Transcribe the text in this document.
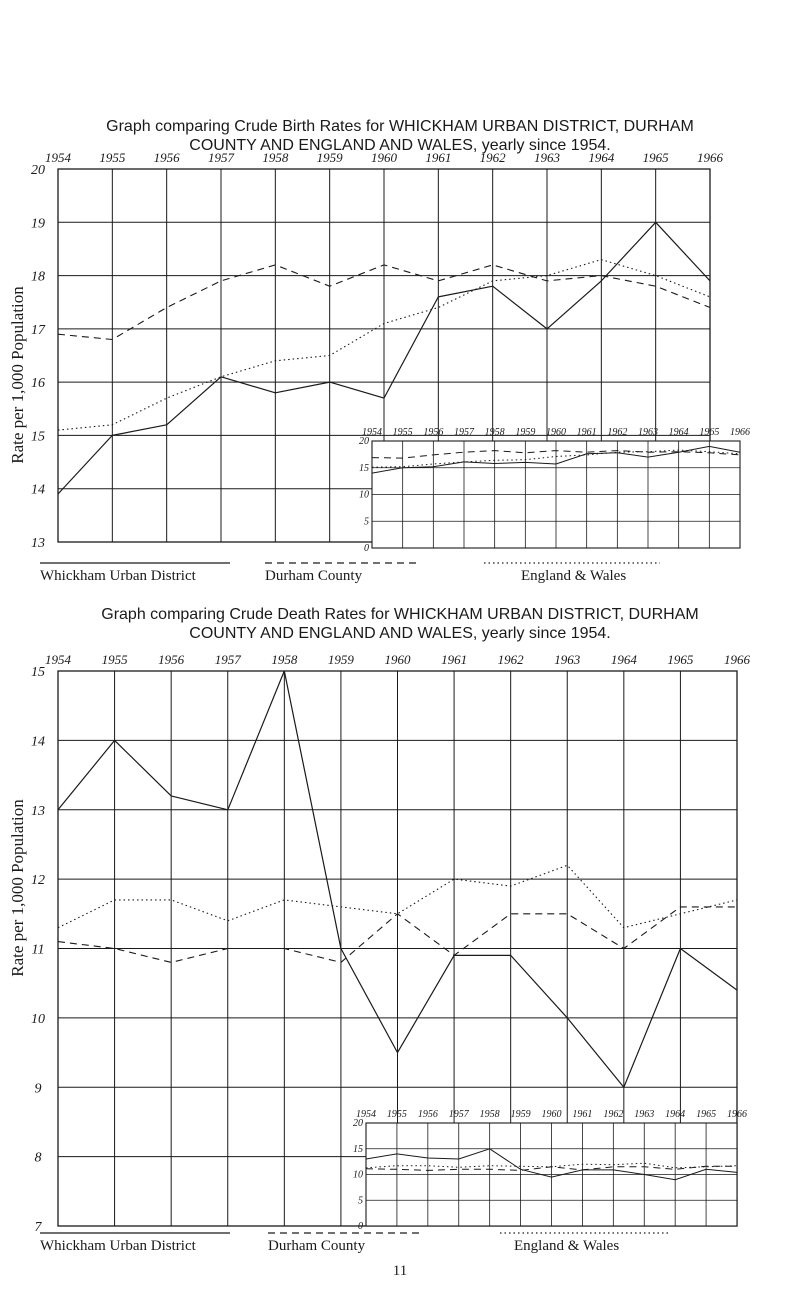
Graph comparing Crude Birth Rates for WHICKHAM URBAN DISTRICT, DURHAM
COUNTY AND ENGLAND AND WALES, yearly since 1954.
Rate per 1,000 Population
Graph comparing Crude Death Rates for WHICKHAM URBAN DISTRICT, DURHAM
COUNTY AND ENGLAND AND WALES, yearly since 1954.
Rate per 1,000 Population
Whickham Urban District	Durham County	England & Wales
Whickham Urban District	Durham County	England & Wales
11
1954 1955 1956 1957 1958 1959 1960 1961 1962 1963 1964 1965 1966
20
19
18
17
16
15
14
13
1954 1955 1956 1957 1958 1959 1960 1961 1962 1963 1964 1965 1966
20
15
10
5
0
1954 1955 1956 1957 1958 1959 1960 1961 1962 1963 1964 1965 1966
15
14
13
12
11
10
9
8
7
1954 1955 1956 1957 1958 1959 1960 1961 1962 1963 1964 1965 1966
20
15
10
5
0
